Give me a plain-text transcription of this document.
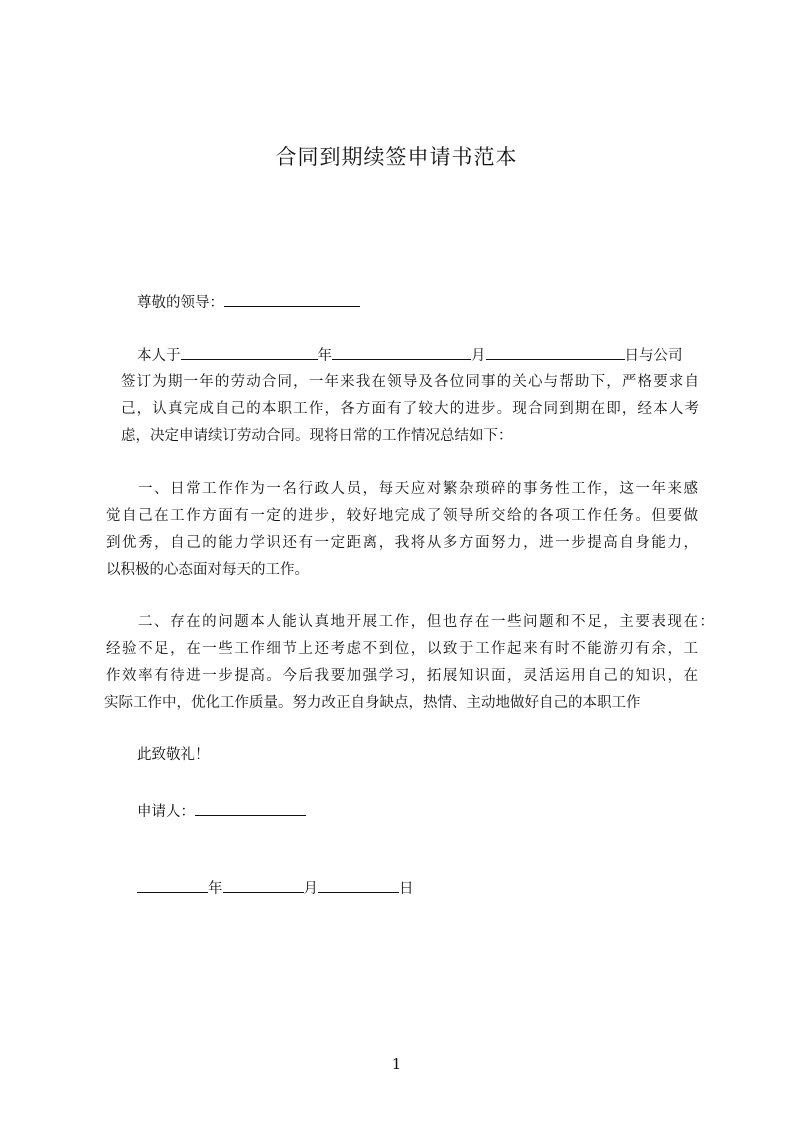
合同到期续签申请书范本
尊敬的领导：
本人于	年	月	日与公司
签订为期一年的劳动合同，一年来我在领导及各位同事的关心与帮助下，严格要求自
己，认真完成自己的本职工作，各方面有了较大的进步。现合同到期在即，经本人考
虑，决定申请续订劳动合同。现将日常的工作情况总结如下：
一、日常工作作为一名行政人员，每天应对繁杂琐碎的事务性工作，这一年来感
觉自己在工作方面有一定的进步，较好地完成了领导所交给的各项工作任务。但要做
到优秀，自己的能力学识还有一定距离，我将从多方面努力，进一步提高自身能力，
以积极的心态面对每天的工作。
二、存在的问题本人能认真地开展工作，但也存在一些问题和不足，主要表现在：
经验不足，在一些工作细节上还考虑不到位，以致于工作起来有时不能游刃有余，工
作效率有待进一步提高。今后我要加强学习，拓展知识面，灵活运用自己的知识，在
实际工作中，优化工作质量。努力改正自身缺点，热情、主动地做好自己的本职工作
此致敬礼！
申请人：
年	月	日
1
